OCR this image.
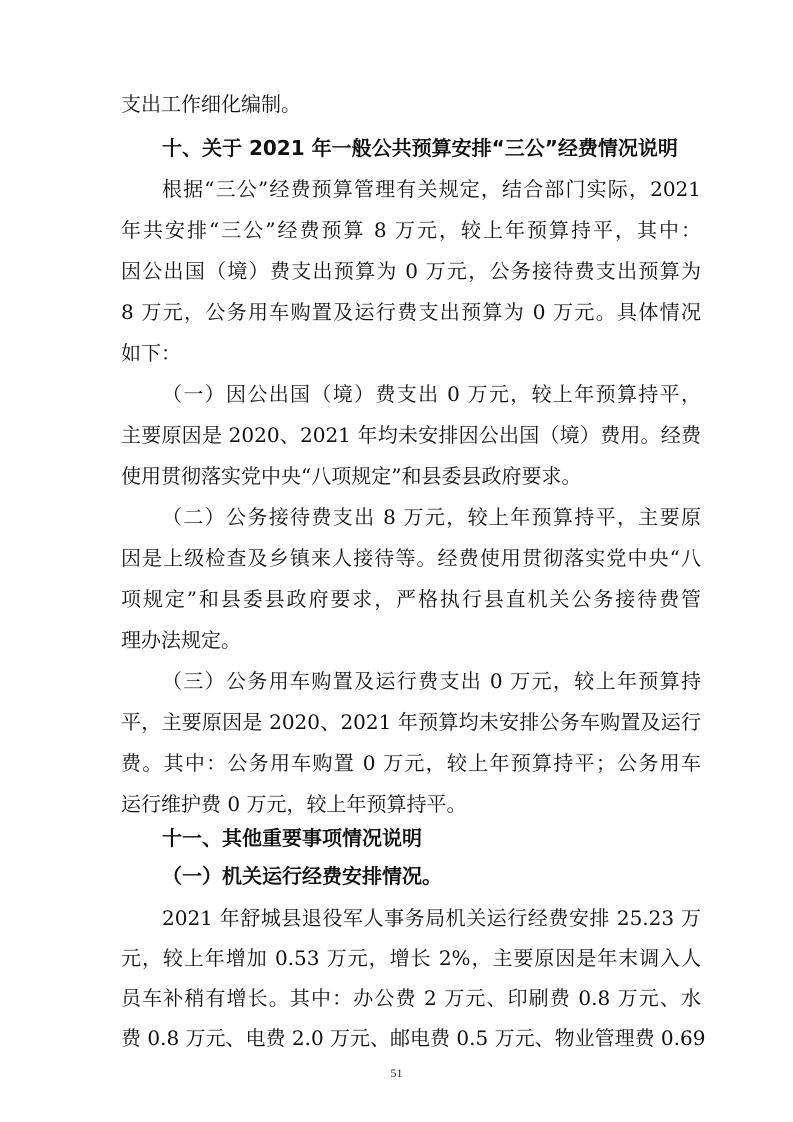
支出工作细化编制。
十、关于 2021 年一般公共预算安排“三公”经费情况说明
根据“三公”经费预算管理有关规定，结合部门实际，2021
年共安排“三公”经费预算 8 万元，较上年预算持平，其中：
因公出国（境）费支出预算为 0 万元，公务接待费支出预算为
8 万元，公务用车购置及运行费支出预算为 0 万元。具体情况
如下：
（一）因公出国（境）费支出 0 万元，较上年预算持平，
主要原因是 2020、2021 年均未安排因公出国（境）费用。经费
使用贯彻落实党中央“八项规定”和县委县政府要求。
（二）公务接待费支出 8 万元，较上年预算持平，主要原
因是上级检查及乡镇来人接待等。经费使用贯彻落实党中央“八
项规定”和县委县政府要求，严格执行县直机关公务接待费管
理办法规定。
（三）公务用车购置及运行费支出 0 万元，较上年预算持
平，主要原因是 2020、2021 年预算均未安排公务车购置及运行
费。其中：公务用车购置 0 万元，较上年预算持平；公务用车
运行维护费 0 万元，较上年预算持平。
十一、其他重要事项情况说明
（一）机关运行经费安排情况。
2021 年舒城县退役军人事务局机关运行经费安排 25.23 万
元，较上年增加 0.53 万元，增长 2%，主要原因是年末调入人
员车补稍有增长。其中：办公费 2 万元、印刷费 0.8 万元、水
费 0.8 万元、电费 2.0 万元、邮电费 0.5 万元、物业管理费 0.69
51
